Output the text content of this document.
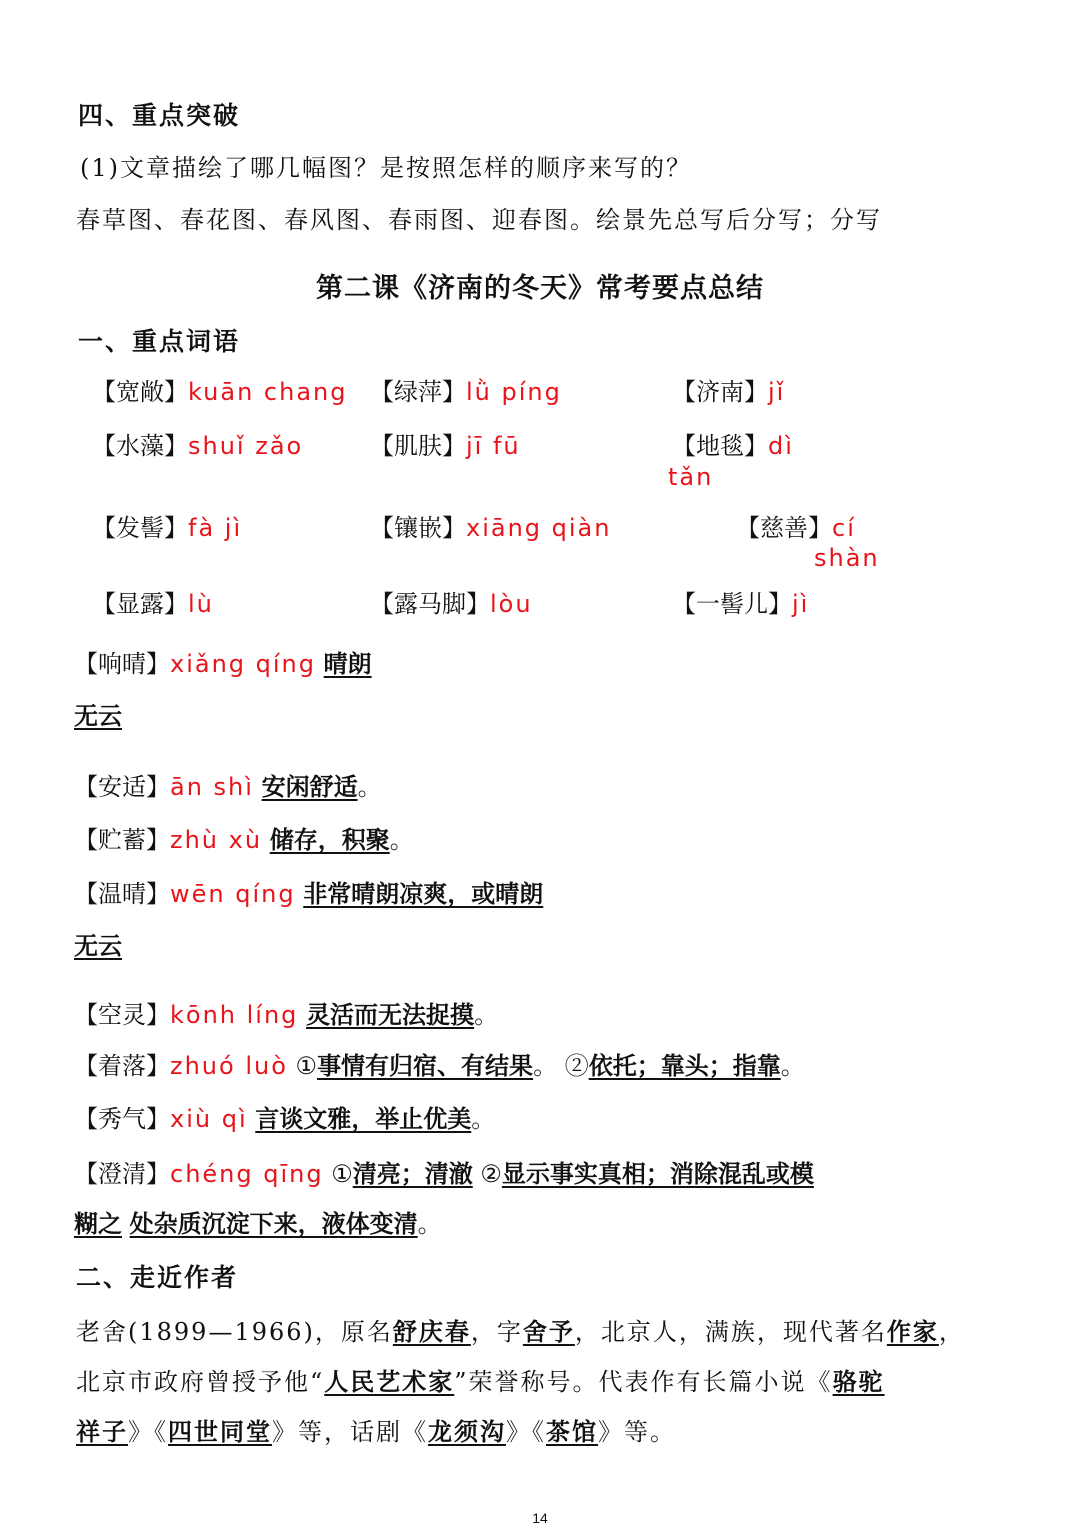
四、重点突破
(1)文章描绘了哪几幅图？是按照怎样的顺序来写的？
春草图、春花图、春风图、春雨图、迎春图。绘景先总写后分写；分写
第二课《济南的冬天》常考要点总结
一、重点词语
【宽敞】kuān chang 【绿萍】lǜ píng	【济南】jǐ
【水藻】shuǐ zǎo	【肌肤】jī fū	【地毯】dì
tǎn
【发髻】fà jì	【镶嵌】xiāng qiàn	【慈善】cí
shàn
【显露】lù	【露马脚】lòu	【一髻儿】jì
【响晴】xiǎng qíng 晴朗
无云
【安适】ān shì 安闲舒适。
【贮蓄】zhù xù 储存，积聚。
【温晴】wēn qíng 非常晴朗凉爽，或晴朗
无云
【空灵】kōnh líng 灵活而无法捉摸。
【着落】zhuó luò ①事情有归宿、有结果。 ②依托；靠头；指靠。
【秀气】xiù qì 言谈文雅，举止优美。
【澄清】chéng qīng ①清亮；清澈 ②显示事实真相；消除混乱或模
糊之 处杂质沉淀下来，液体变清。
二、走近作者
老舍(1899—1966)，原名舒庆春，字舍予，北京人，满族，现代著名作家，
北京市政府曾授予他“人民艺术家”荣誉称号。代表作有长篇小说《骆驼
祥子》《四世同堂》等，话剧《龙须沟》《茶馆》等。
14
